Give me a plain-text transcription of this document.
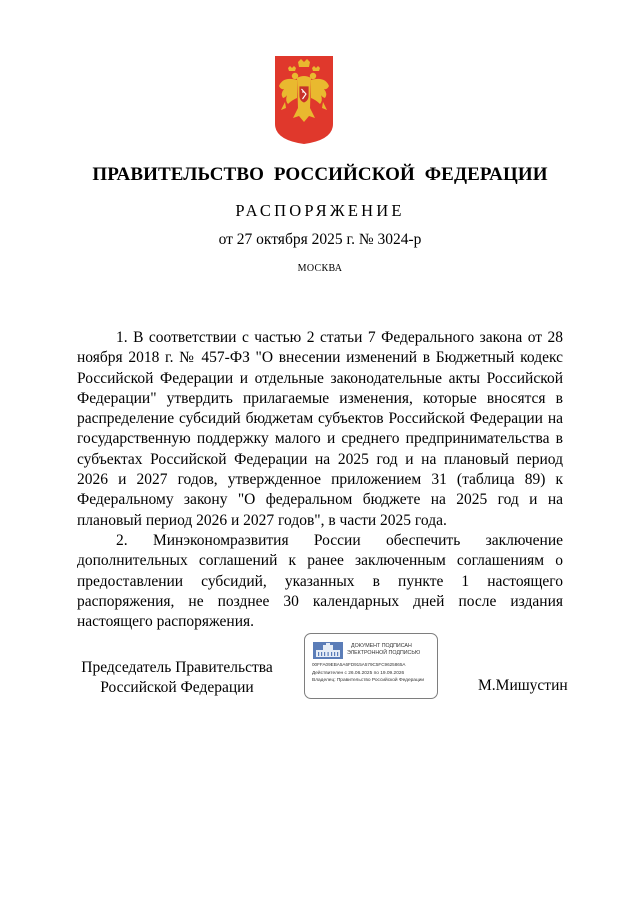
ПРАВИТЕЛЬСТВО РОССИЙСКОЙ ФЕДЕРАЦИИ
РАСПОРЯЖЕНИЕ
от 27 октября 2025 г. № 3024-р
МОСКВА

1. В соответствии с частью 2 статьи 7 Федерального закона от 28 ноября 2018 г. № 457-ФЗ "О внесении изменений в Бюджетный кодекс Российской Федерации и отдельные законодательные акты Российской Федерации" утвердить прилагаемые изменения, которые вносятся в распределение субсидий бюджетам субъектов Российской Федерации на государственную поддержку малого и среднего предпринимательства в субъектах Российской Федерации на 2025 год и на плановый период 2026 и 2027 годов, утвержденное приложением 31 (таблица 89) к Федеральному закону "О федеральном бюджете на 2025 год и на плановый период 2026 и 2027 годов", в части 2025 года.

2. Минэкономразвития России обеспечить заключение дополнительных соглашений к ранее заключенным соглашениям о предоставлении субсидий, указанных в пункте 1 настоящего распоряжения, не позднее 30 календарных дней после издания настоящего распоряжения.

Председатель Правительства
Российской Федерации
ДОКУМЕНТ ПОДПИСАН
ЭЛЕКТРОННОЙ ПОДПИСЬЮ
00FFA09EBA5A6FD915A579C5FC9625865A
Действителен с 26.06.2025 по 19.09.2026
Владелец: Правительство Российской Федерации	М.Мишустин
